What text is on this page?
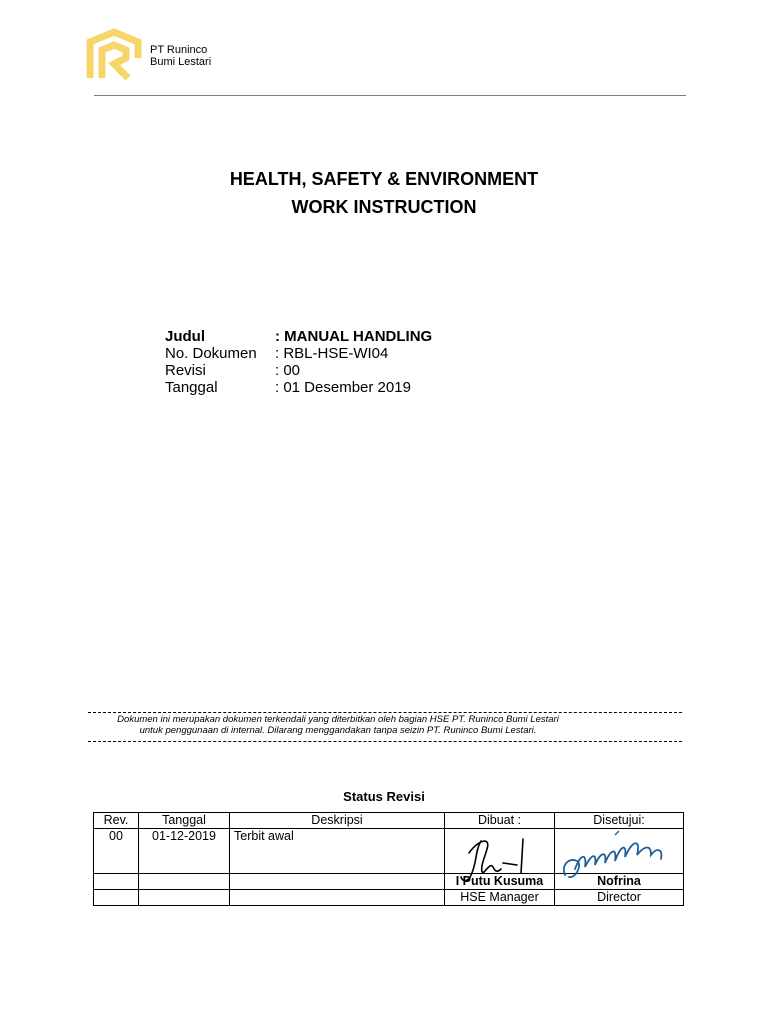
PT Runinco
Bumi Lestari
HEALTH, SAFETY & ENVIRONMENT
WORK INSTRUCTION
Judul	: MANUAL HANDLING
No. Dokumen	: RBL-HSE-WI04
Revisi	: 00
Tanggal	: 01 Desember 2019
Dokumen ini merupakan dokumen terkendali yang diterbitkan oleh bagian HSE PT. Runinco Bumi Lestari
untuk penggunaan di internal. Dilarang menggandakan tanpa seizin PT. Runinco Bumi Lestari.
Status Revisi
Rev.	Tanggal	Deskripsi	Dibuat :	Disetujui:
00	01-12-2019	Terbit awal	

			I Putu Kusuma	Nofrina
			HSE Manager	Director
